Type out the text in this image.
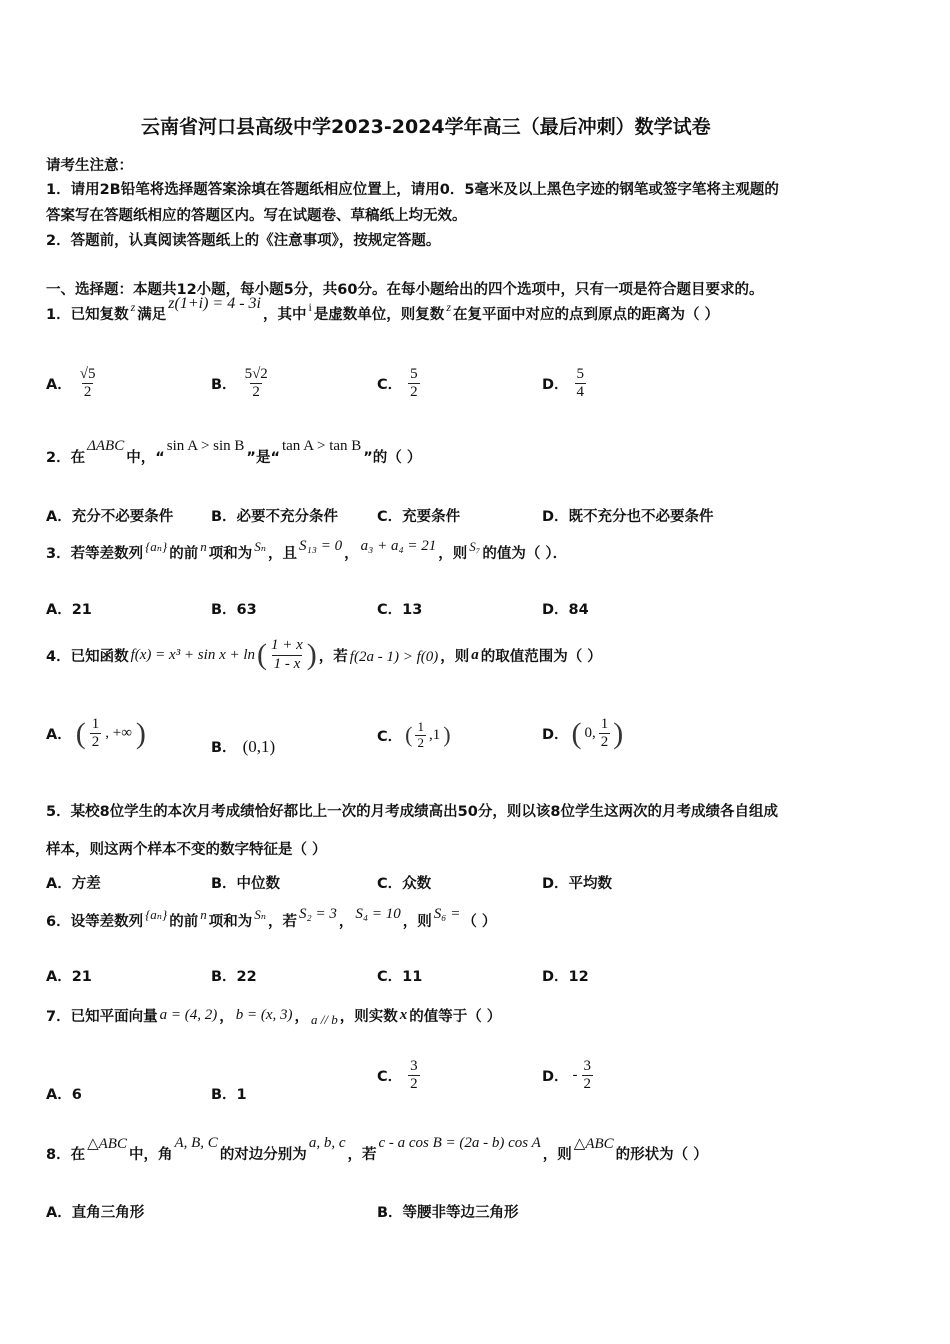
云南省河口县高级中学2023-2024学年高三（最后冲刺）数学试卷
请考生注意：
1．请用2B铅笔将选择题答案涂填在答题纸相应位置上，请用0．5毫米及以上黑色字迹的钢笔或签字笔将主观题的
答案写在答题纸相应的答题区内。写在试题卷、草稿纸上均无效。
2．答题前，认真阅读答题纸上的《注意事项》，按规定答题。
一、选择题：本题共12小题，每小题5分，共60分。在每小题给出的四个选项中，只有一项是符合题目要求的。
1．已知复数 z 满足
z(1+i) = 4 - 3i
，其中 i 是虚数单位，则复数 z 在复平面中对应的点到原点的距离为（ ）
A． $\frac{√5}{2}$	B． $\frac{5√2}{2}$	C． $\frac{5}{2}$	D． $\frac{5}{4}$
2．在
ΔABC
中，“
sin A > sin B
”是“
tan A > tan B
”的（ ）
A．充分不必要条件	B．必要不充分条件	C．充要条件	D．既不充分也不必要条件
3．若等差数列 {aₙ} 的前 n 项和为 Sₙ ，且 S₁₃ = 0 ， a₃ + a₄ = 21 ，则 S₇ 的值为（ ）．
A．21	B．63	C．13	D．84
4．已知函数 f(x) = x³ + sin x + ln ( $\frac{1 + x}{1 - x}$ ) ，若 f(2a - 1) > f(0) ，则 a 的取值范围为（ ）
A． ( $\frac{1}{2}$ , +∞ )	B． (0,1)	C． ( $\frac{1}{2} ,1$ )	D． ( 0, $\frac{1}{2}$ )
5．某校8位学生的本次月考成绩恰好都比上一次的月考成绩高出50分，则以该8位学生这两次的月考成绩各自组成
样本，则这两个样本不变的数字特征是（ ）
A．方差	B．中位数	C．众数	D．平均数
6．设等差数列 {aₙ} 的前 n 项和为 Sₙ ，若 S₂ = 3 ， S₄ = 10 ，则 S₆ = （ ）
A．21	B．22	C．11	D．12
7．已知平面向量 a = (4, 2) ， b = (x, 3) ， a // b ，则实数 x 的值等于（ ）
A．6	B．1
C． $\frac{3}{2}$	D． - $\frac{3}{2}$
8．在
△ABC
中，角
A, B, C
的对边分别为
a, b, c
，若
c - a cos B = (2a - b) cos A
，则
△ABC
的形状为（ ）
A．直角三角形	B．等腰非等边三角形
